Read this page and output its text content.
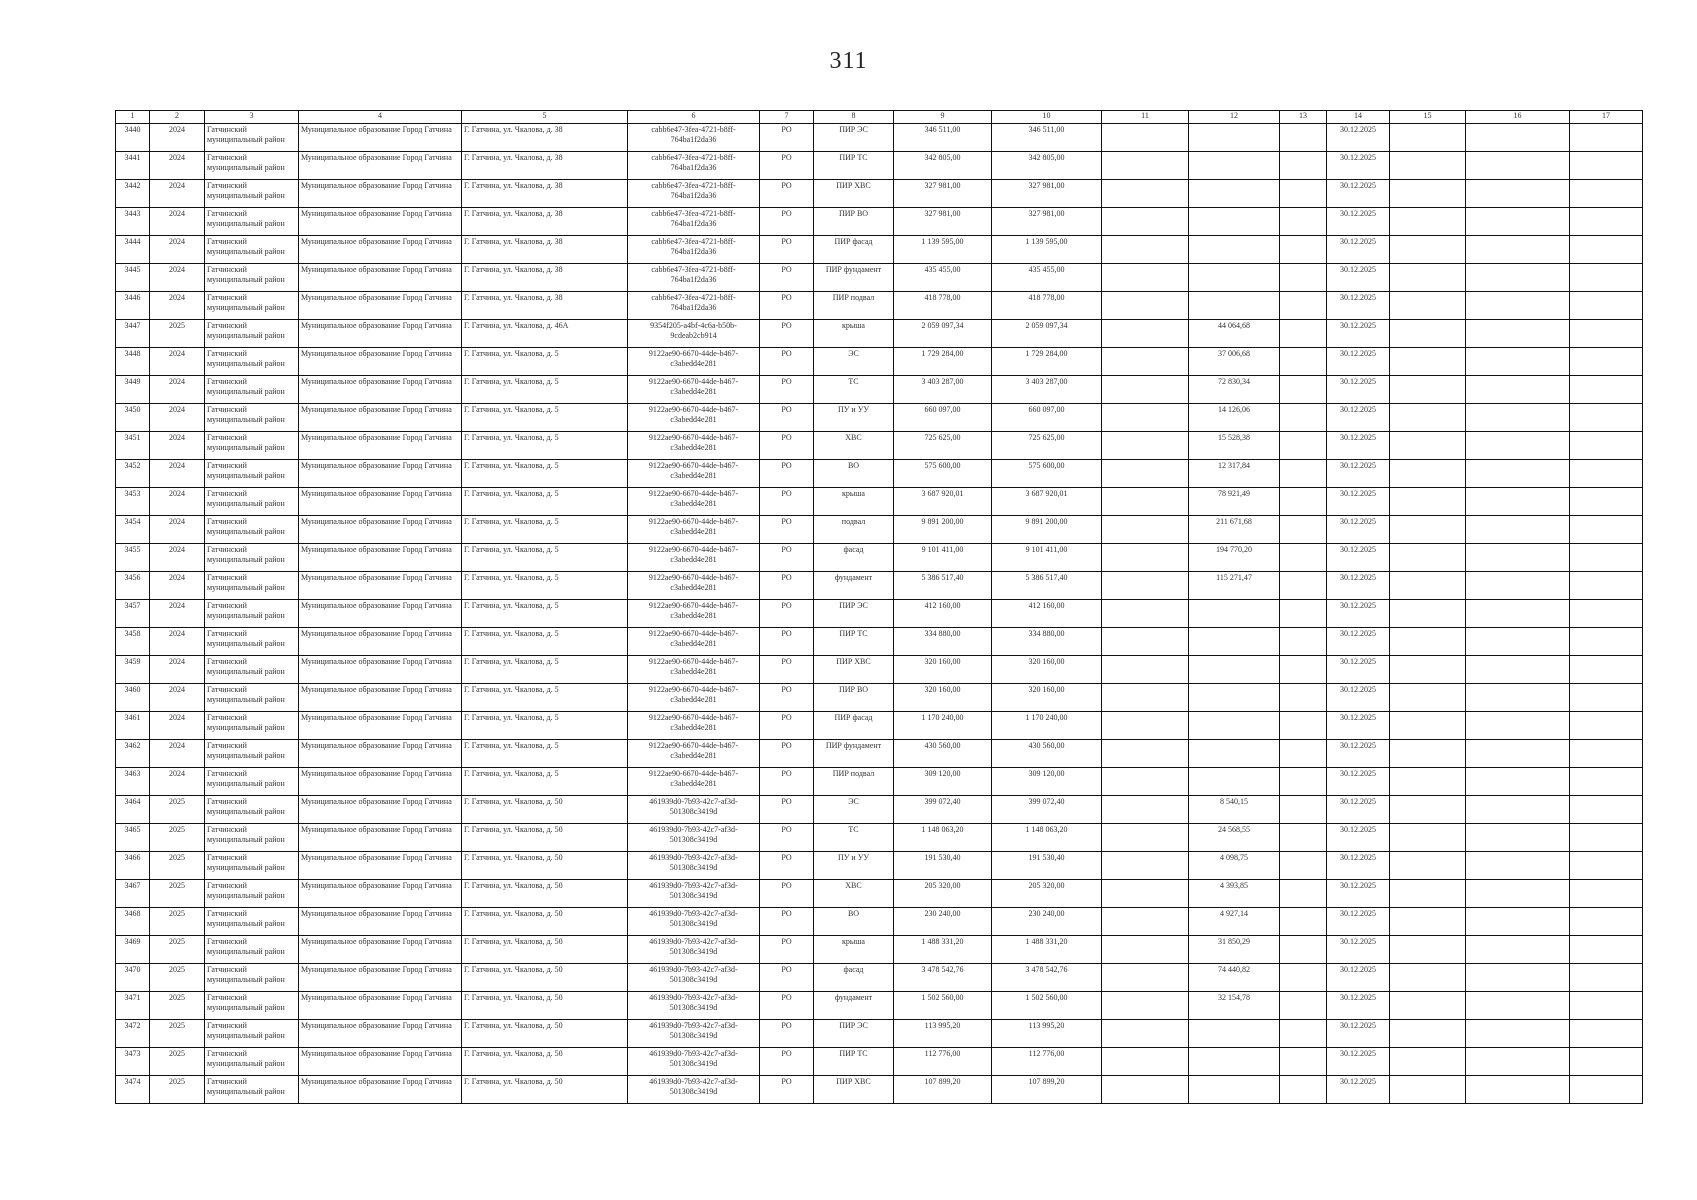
311
1	2	3	4	5	6	7	8	9	10	11	12	13	14	15	16	17
3440	2024	Гатчинский муниципальный район	Муниципальное образование Город Гатчина	Г. Гатчина, ул. Чкалова, д. 38	cabb6e47-3fea-4721-b8ff-764ba1f2da36	РО	ПИР ЭС	346 511,00	346 511,00				30.12.2025			
3441	2024	Гатчинский муниципальный район	Муниципальное образование Город Гатчина	Г. Гатчина, ул. Чкалова, д. 38	cabb6e47-3fea-4721-b8ff-764ba1f2da36	РО	ПИР ТС	342 805,00	342 805,00				30.12.2025			
3442	2024	Гатчинский муниципальный район	Муниципальное образование Город Гатчина	Г. Гатчина, ул. Чкалова, д. 38	cabb6e47-3fea-4721-b8ff-764ba1f2da36	РО	ПИР ХВС	327 981,00	327 981,00				30.12.2025			
3443	2024	Гатчинский муниципальный район	Муниципальное образование Город Гатчина	Г. Гатчина, ул. Чкалова, д. 38	cabb6e47-3fea-4721-b8ff-764ba1f2da36	РО	ПИР ВО	327 981,00	327 981,00				30.12.2025			
3444	2024	Гатчинский муниципальный район	Муниципальное образование Город Гатчина	Г. Гатчина, ул. Чкалова, д. 38	cabb6e47-3fea-4721-b8ff-764ba1f2da36	РО	ПИР фасад	1 139 595,00	1 139 595,00				30.12.2025			
3445	2024	Гатчинский муниципальный район	Муниципальное образование Город Гатчина	Г. Гатчина, ул. Чкалова, д. 38	cabb6e47-3fea-4721-b8ff-764ba1f2da36	РО	ПИР фундамент	435 455,00	435 455,00				30.12.2025			
3446	2024	Гатчинский муниципальный район	Муниципальное образование Город Гатчина	Г. Гатчина, ул. Чкалова, д. 38	cabb6e47-3fea-4721-b8ff-764ba1f2da36	РО	ПИР подвал	418 778,00	418 778,00				30.12.2025			
3447	2025	Гатчинский муниципальный район	Муниципальное образование Город Гатчина	Г. Гатчина, ул. Чкалова, д. 46А	9354f205-a4bf-4c6a-b50b-9cdeab2cb914	РО	крыша	2 059 097,34	2 059 097,34		44 064,68		30.12.2025			
3448	2024	Гатчинский муниципальный район	Муниципальное образование Город Гатчина	Г. Гатчина, ул. Чкалова, д. 5	9122ae90-6670-44de-b467-c3abedd4e281	РО	ЭС	1 729 284,00	1 729 284,00		37 006,68		30.12.2025			
3449	2024	Гатчинский муниципальный район	Муниципальное образование Город Гатчина	Г. Гатчина, ул. Чкалова, д. 5	9122ae90-6670-44de-b467-c3abedd4e281	РО	ТС	3 403 287,00	3 403 287,00		72 830,34		30.12.2025			
3450	2024	Гатчинский муниципальный район	Муниципальное образование Город Гатчина	Г. Гатчина, ул. Чкалова, д. 5	9122ae90-6670-44de-b467-c3abedd4e281	РО	ПУ и УУ	660 097,00	660 097,00		14 126,06		30.12.2025			
3451	2024	Гатчинский муниципальный район	Муниципальное образование Город Гатчина	Г. Гатчина, ул. Чкалова, д. 5	9122ae90-6670-44de-b467-c3abedd4e281	РО	ХВС	725 625,00	725 625,00		15 528,38		30.12.2025			
3452	2024	Гатчинский муниципальный район	Муниципальное образование Город Гатчина	Г. Гатчина, ул. Чкалова, д. 5	9122ae90-6670-44de-b467-c3abedd4e281	РО	ВО	575 600,00	575 600,00		12 317,84		30.12.2025			
3453	2024	Гатчинский муниципальный район	Муниципальное образование Город Гатчина	Г. Гатчина, ул. Чкалова, д. 5	9122ae90-6670-44de-b467-c3abedd4e281	РО	крыша	3 687 920,01	3 687 920,01		78 921,49		30.12.2025			
3454	2024	Гатчинский муниципальный район	Муниципальное образование Город Гатчина	Г. Гатчина, ул. Чкалова, д. 5	9122ae90-6670-44de-b467-c3abedd4e281	РО	подвал	9 891 200,00	9 891 200,00		211 671,68		30.12.2025			
3455	2024	Гатчинский муниципальный район	Муниципальное образование Город Гатчина	Г. Гатчина, ул. Чкалова, д. 5	9122ae90-6670-44de-b467-c3abedd4e281	РО	фасад	9 101 411,00	9 101 411,00		194 770,20		30.12.2025			
3456	2024	Гатчинский муниципальный район	Муниципальное образование Город Гатчина	Г. Гатчина, ул. Чкалова, д. 5	9122ae90-6670-44de-b467-c3abedd4e281	РО	фундамент	5 386 517,40	5 386 517,40		115 271,47		30.12.2025			
3457	2024	Гатчинский муниципальный район	Муниципальное образование Город Гатчина	Г. Гатчина, ул. Чкалова, д. 5	9122ae90-6670-44de-b467-c3abedd4e281	РО	ПИР ЭС	412 160,00	412 160,00				30.12.2025			
3458	2024	Гатчинский муниципальный район	Муниципальное образование Город Гатчина	Г. Гатчина, ул. Чкалова, д. 5	9122ae90-6670-44de-b467-c3abedd4e281	РО	ПИР ТС	334 880,00	334 880,00				30.12.2025			
3459	2024	Гатчинский муниципальный район	Муниципальное образование Город Гатчина	Г. Гатчина, ул. Чкалова, д. 5	9122ae90-6670-44de-b467-c3abedd4e281	РО	ПИР ХВС	320 160,00	320 160,00				30.12.2025			
3460	2024	Гатчинский муниципальный район	Муниципальное образование Город Гатчина	Г. Гатчина, ул. Чкалова, д. 5	9122ae90-6670-44de-b467-c3abedd4e281	РО	ПИР ВО	320 160,00	320 160,00				30.12.2025			
3461	2024	Гатчинский муниципальный район	Муниципальное образование Город Гатчина	Г. Гатчина, ул. Чкалова, д. 5	9122ae90-6670-44de-b467-c3abedd4e281	РО	ПИР фасад	1 170 240,00	1 170 240,00				30.12.2025			
3462	2024	Гатчинский муниципальный район	Муниципальное образование Город Гатчина	Г. Гатчина, ул. Чкалова, д. 5	9122ae90-6670-44de-b467-c3abedd4e281	РО	ПИР фундамент	430 560,00	430 560,00				30.12.2025			
3463	2024	Гатчинский муниципальный район	Муниципальное образование Город Гатчина	Г. Гатчина, ул. Чкалова, д. 5	9122ae90-6670-44de-b467-c3abedd4e281	РО	ПИР подвал	309 120,00	309 120,00				30.12.2025			
3464	2025	Гатчинский муниципальный район	Муниципальное образование Город Гатчина	Г. Гатчина, ул. Чкалова, д. 50	461939d0-7b93-42c7-af3d-501308c3419d	РО	ЭС	399 072,40	399 072,40		8 540,15		30.12.2025			
3465	2025	Гатчинский муниципальный район	Муниципальное образование Город Гатчина	Г. Гатчина, ул. Чкалова, д. 50	461939d0-7b93-42c7-af3d-501308c3419d	РО	ТС	1 148 063,20	1 148 063,20		24 568,55		30.12.2025			
3466	2025	Гатчинский муниципальный район	Муниципальное образование Город Гатчина	Г. Гатчина, ул. Чкалова, д. 50	461939d0-7b93-42c7-af3d-501308c3419d	РО	ПУ и УУ	191 530,40	191 530,40		4 098,75		30.12.2025			
3467	2025	Гатчинский муниципальный район	Муниципальное образование Город Гатчина	Г. Гатчина, ул. Чкалова, д. 50	461939d0-7b93-42c7-af3d-501308c3419d	РО	ХВС	205 320,00	205 320,00		4 393,85		30.12.2025			
3468	2025	Гатчинский муниципальный район	Муниципальное образование Город Гатчина	Г. Гатчина, ул. Чкалова, д. 50	461939d0-7b93-42c7-af3d-501308c3419d	РО	ВО	230 240,00	230 240,00		4 927,14		30.12.2025			
3469	2025	Гатчинский муниципальный район	Муниципальное образование Город Гатчина	Г. Гатчина, ул. Чкалова, д. 50	461939d0-7b93-42c7-af3d-501308c3419d	РО	крыша	1 488 331,20	1 488 331,20		31 850,29		30.12.2025			
3470	2025	Гатчинский муниципальный район	Муниципальное образование Город Гатчина	Г. Гатчина, ул. Чкалова, д. 50	461939d0-7b93-42c7-af3d-501308c3419d	РО	фасад	3 478 542,76	3 478 542,76		74 440,82		30.12.2025			
3471	2025	Гатчинский муниципальный район	Муниципальное образование Город Гатчина	Г. Гатчина, ул. Чкалова, д. 50	461939d0-7b93-42c7-af3d-501308c3419d	РО	фундамент	1 502 560,00	1 502 560,00		32 154,78		30.12.2025			
3472	2025	Гатчинский муниципальный район	Муниципальное образование Город Гатчина	Г. Гатчина, ул. Чкалова, д. 50	461939d0-7b93-42c7-af3d-501308c3419d	РО	ПИР ЭС	113 995,20	113 995,20				30.12.2025			
3473	2025	Гатчинский муниципальный район	Муниципальное образование Город Гатчина	Г. Гатчина, ул. Чкалова, д. 50	461939d0-7b93-42c7-af3d-501308c3419d	РО	ПИР ТС	112 776,00	112 776,00				30.12.2025			
3474	2025	Гатчинский муниципальный район	Муниципальное образование Город Гатчина	Г. Гатчина, ул. Чкалова, д. 50	461939d0-7b93-42c7-af3d-501308c3419d	РО	ПИР ХВС	107 899,20	107 899,20				30.12.2025			
